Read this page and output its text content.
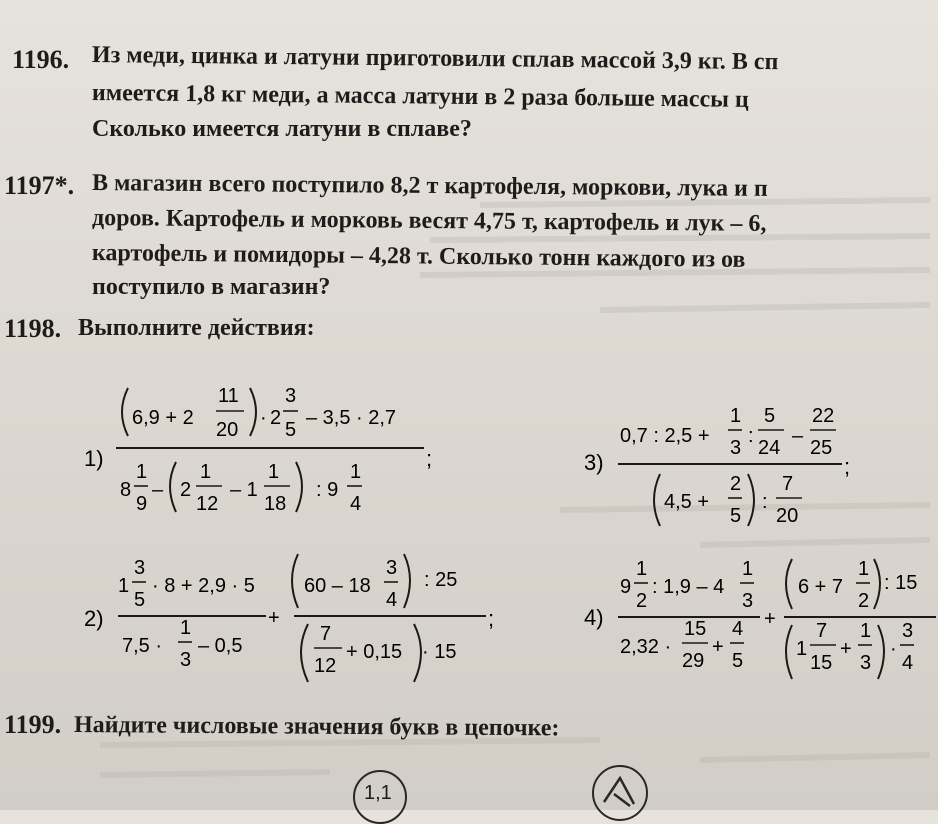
1196. Из меди, цинка и латуни приготовили сплав массой 3,9 кг. В сп
имеется 1,8 кг меди, а масса латуни в 2 раза больше массы ц
Сколько имеется латуни в сплаве?
1197*. В магазин всего поступило 8,2 т картофеля, моркови, лука и п
доров. Картофель и морковь весят 4,75 т, картофель и лук – 6,
картофель и помидоры – 4,28 т. Сколько тонн каждого из ов
поступило в магазин?
1198. Выполните действия:
1)
6,9 + 2
11
20
· 2
3
5
– 3,5 · 2,7
;
8
1
9
– 2
1
12
– 1
1
18
: 9
1
4
3)
0,7 : 2,5 +
1
3
:
5
24
–
22
25
;
4,5 +
2
5
:
7
20
2)
1
3
5
· 8 + 2,9 · 5
7,5 ·
1
3
– 0,5
+
60 – 18
3
4
: 25
;
7
12
+ 0,15 · 15
4)
9
1
2
: 1,9 – 4
1
3
2,32 ·
15
29
+
4
5
+
6 + 7
1
2
: 15
1
7
15
+
1
3
·
3
4
1199. Найдите числовые значения букв в цепочке:
1,1
